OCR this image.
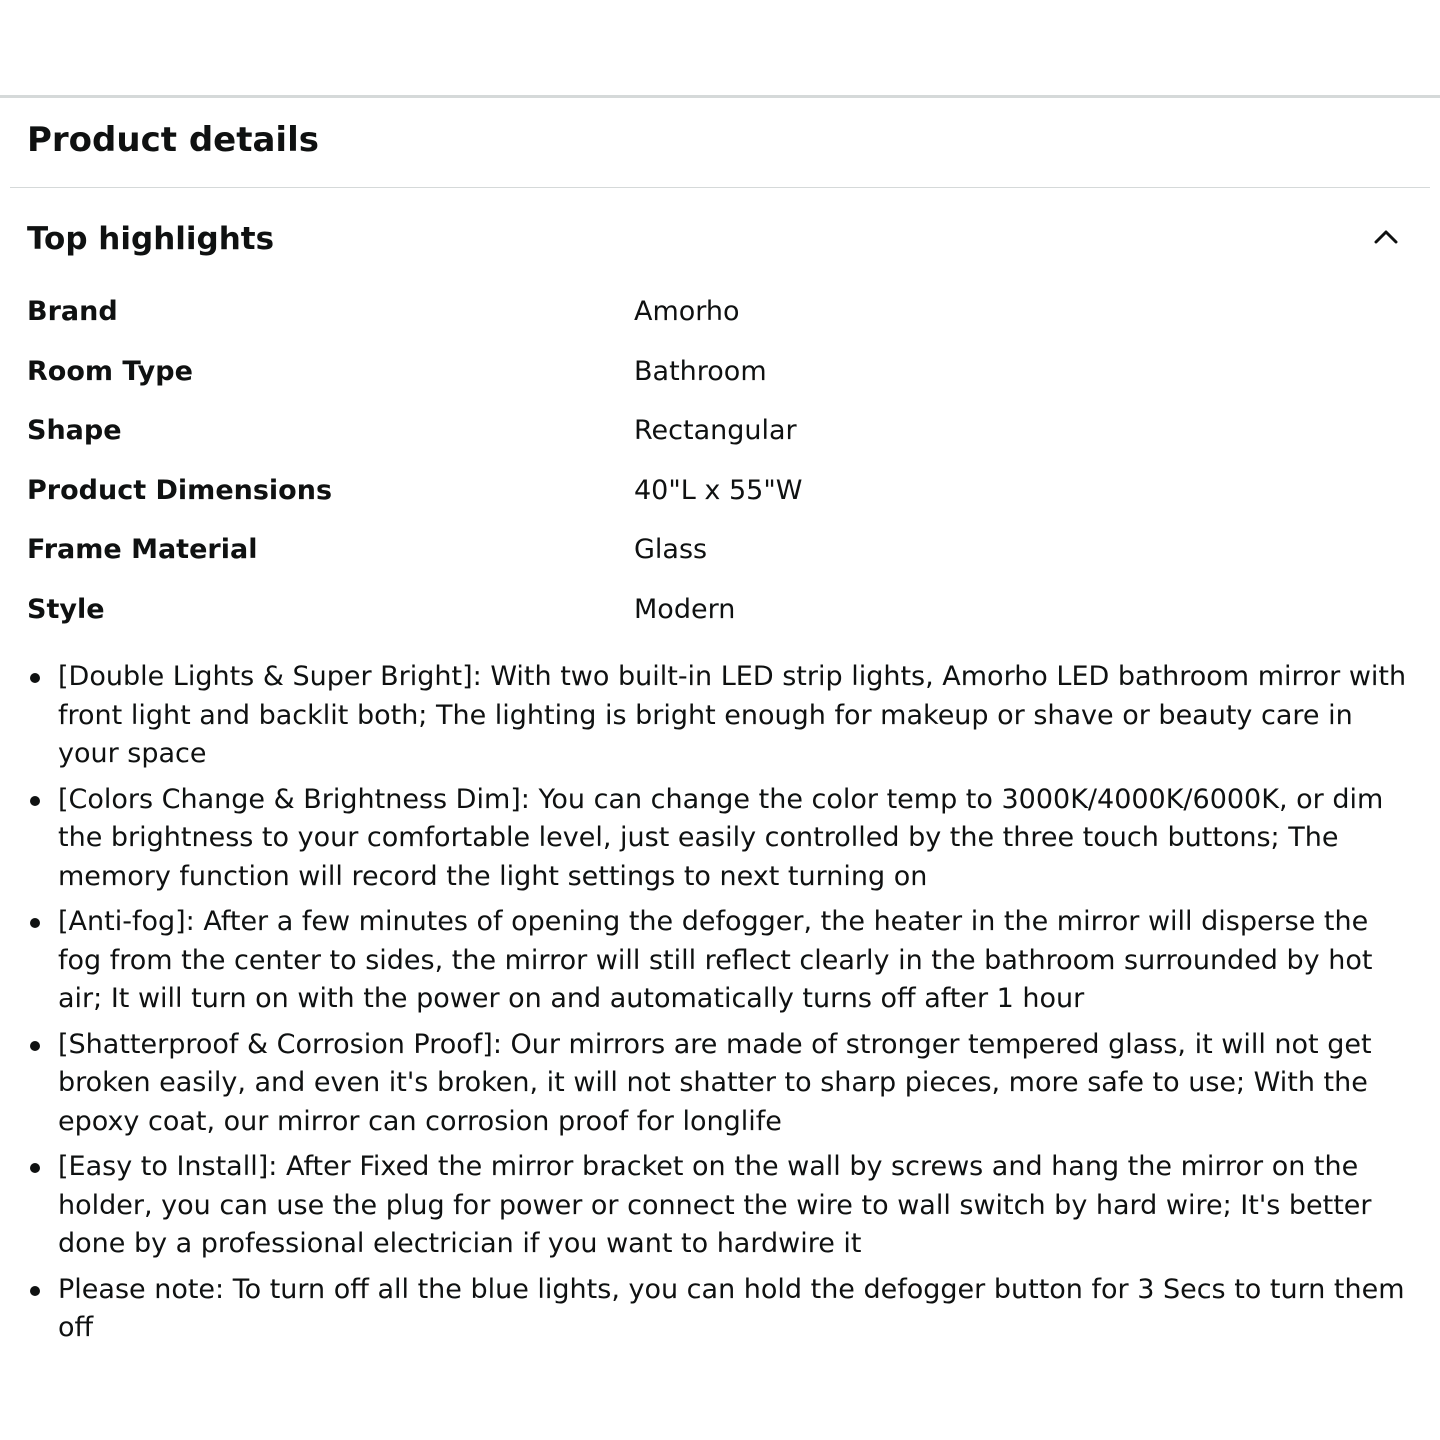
Product details
Top highlights
Brand	Amorho
Room Type	Bathroom
Shape	Rectangular
Product Dimensions	40"L x 55"W
Frame Material	Glass
Style	Modern
[Double Lights & Super Bright]: With two built-in LED strip lights, Amorho LED bathroom mirror with front light and backlit both; The lighting is bright enough for makeup or shave or beauty care in your space
[Colors Change & Brightness Dim]: You can change the color temp to 3000K/4000K/6000K, or dim the brightness to your comfortable level, just easily controlled by the three touch buttons; The memory function will record the light settings to next turning on
[Anti-fog]: After a few minutes of opening the defogger, the heater in the mirror will disperse the fog from the center to sides, the mirror will still reflect clearly in the bathroom surrounded by hot air; It will turn on with the power on and automatically turns off after 1 hour
[Shatterproof & Corrosion Proof]: Our mirrors are made of stronger tempered glass, it will not get broken easily, and even it's broken, it will not shatter to sharp pieces, more safe to use; With the epoxy coat, our mirror can corrosion proof for longlife
[Easy to Install]: After Fixed the mirror bracket on the wall by screws and hang the mirror on the holder, you can use the plug for power or connect the wire to wall switch by hard wire; It's better done by a professional electrician if you want to hardwire it
Please note: To turn off all the blue lights, you can hold the defogger button for 3 Secs to turn them off
